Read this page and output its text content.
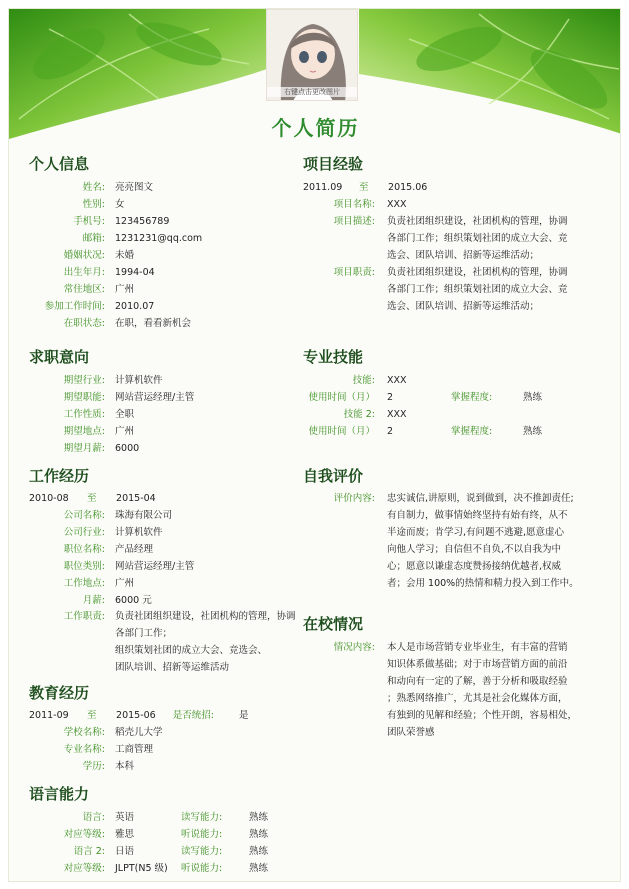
右键点击更改图片
个人简历
个人信息
姓名: 亮亮图文
性别: 女
手机号: 123456789
邮箱: 1231231@qq.com
婚姻状况: 未婚
出生年月: 1994-04
常住地区: 广州
参加工作时间: 2010.07
在职状态: 在职，看看新机会
求职意向
期望行业: 计算机软件
期望职能: 网站营运经理/主管
工作性质: 全职
期望地点: 广州
期望月薪: 6000
工作经历
2010-08 至 2015-04
公司名称: 珠海有限公司
公司行业: 计算机软件
职位名称: 产品经理
职位类别: 网站营运经理/主管
工作地点: 广州
月薪: 6000 元
工作职责: 负责社团组织建设，社团机构的管理，协调
各部门工作；
组织策划社团的成立大会、竞选会、
团队培训、招新等运维活动
教育经历
2011-09 至 2015-06 是否统招:	是
学校名称: 稻壳儿大学
专业名称: 工商管理
学历: 本科
语言能力
语言: 英语	读写能力:	熟练
对应等级: 雅思	听说能力:	熟练
语言 2: 日语	读写能力:	熟练
对应等级: JLPT(N5 级) 听说能力:	熟练
项目经验
2011.09 至 2015.06
项目名称: XXX
项目描述: 负责社团组织建设，社团机构的管理，协调
各部门工作；组织策划社团的成立大会、竞
选会、团队培训、招新等运维活动；
项目职责: 负责社团组织建设，社团机构的管理，协调
各部门工作；组织策划社团的成立大会、竞
选会、团队培训、招新等运维活动；
专业技能
技能: XXX
使用时间（月） 2	掌握程度:	熟练
技能 2: XXX
使用时间（月） 2	掌握程度:	熟练
自我评价
评价内容: 忠实诚信,讲原则，说到做到，决不推卸责任;
有自制力，做事情始终坚持有始有终，从不
半途而废；肯学习,有问题不逃避,愿意虚心
向他人学习；自信但不自负,不以自我为中
心；愿意以谦虚态度赞扬接纳优越者,权威
者；会用 100%的热情和精力投入到工作中。
在校情况
情况内容: 本人是市场营销专业毕业生，有丰富的营销
知识体系做基础；对于市场营销方面的前沿
和动向有一定的了解，善于分析和吸取经验
；熟悉网络推广，尤其是社会化媒体方面，
有独到的见解和经验；个性开朗，容易相处，
团队荣誉感
